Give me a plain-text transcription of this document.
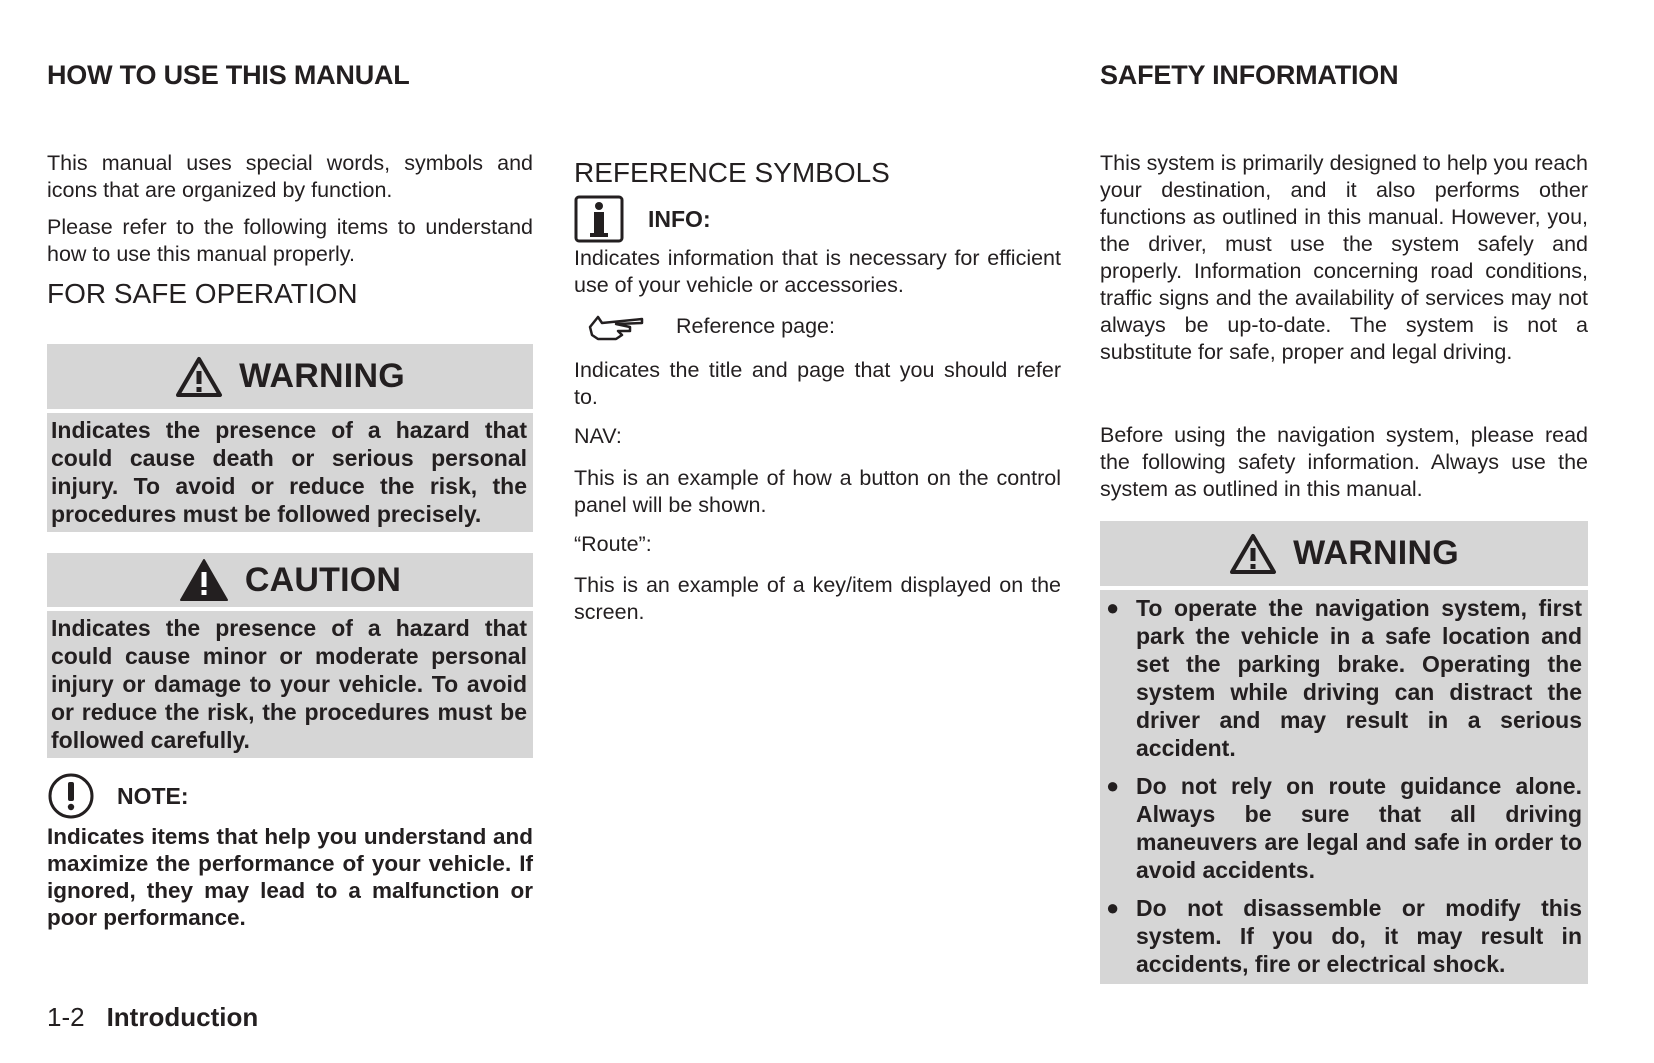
HOW TO USE THIS MANUAL

This manual uses special words, symbols and icons that are organized by function.

Please refer to the following items to understand how to use this manual properly.

FOR SAFE OPERATION
WARNING
Indicates the presence of a hazard that could cause death or serious personal injury. To avoid or reduce the risk, the procedures must be followed precisely.
CAUTION
Indicates the presence of a hazard that could cause minor or moderate personal injury or damage to your vehicle. To avoid or reduce the risk, the procedures must be followed carefully.
NOTE:

Indicates items that help you understand and maximize the performance of your vehicle. If ignored, they may lead to a malfunction or poor performance.

1-2 Introduction
REFERENCE SYMBOLS
INFO:

Indicates information that is necessary for efficient use of your vehicle or accessories.

Reference page:

Indicates the title and page that you should refer to.

NAV:

This is an example of how a button on the control panel will be shown.

“Route”:

This is an example of a key/item displayed on the screen.

SAFETY INFORMATION

This system is primarily designed to help you reach your destination, and it also performs other functions as outlined in this manual. However, you, the driver, must use the system safely and properly. Information concerning road conditions, traffic signs and the availability of services may not always be up-to-date. The system is not a substitute for safe, proper and legal driving.

Before using the navigation system, please read the following safety information. Always use the system as outlined in this manual.

WARNING
● To operate the navigation system, first park the vehicle in a safe location and set the parking brake. Operating the system while driving can distract the driver and may result in a serious accident.
● Do not rely on route guidance alone. Always be sure that all driving maneuvers are legal and safe in order to avoid accidents.
● Do not disassemble or modify this system. If you do, it may result in accidents, fire or electrical shock.
